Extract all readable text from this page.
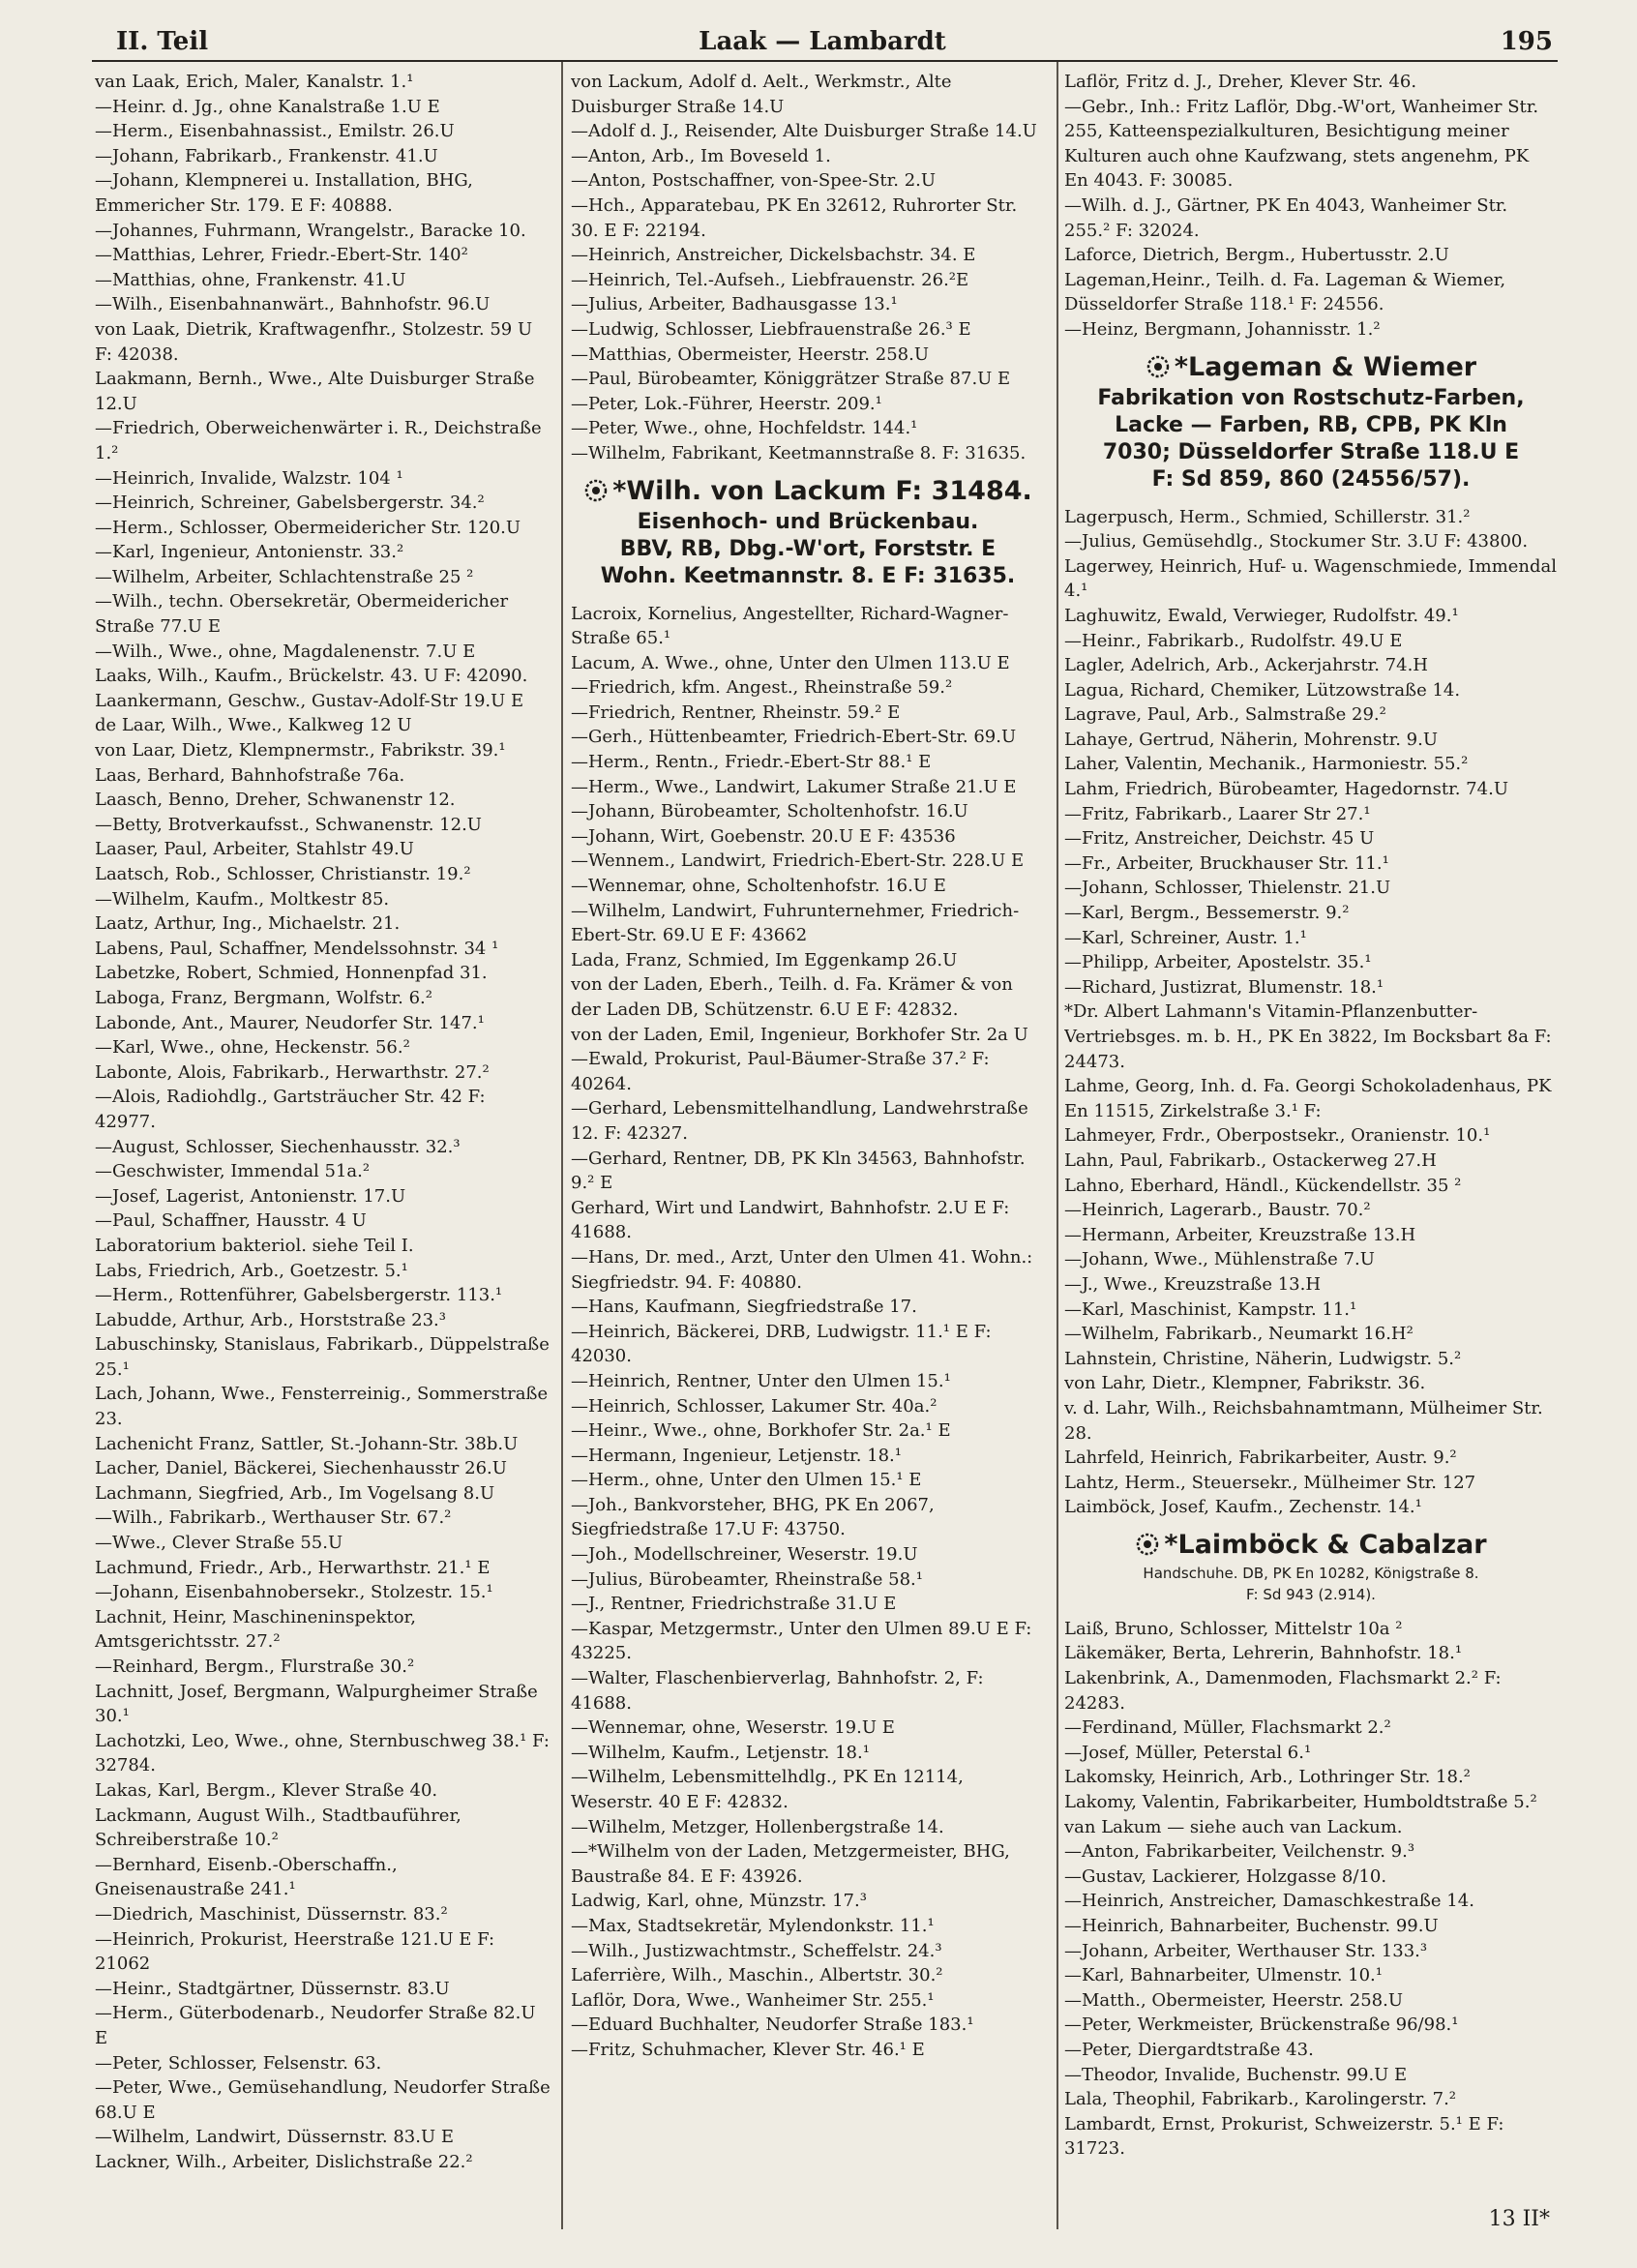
II. Teil	Laak — Lambardt	195

van Laak, Erich, Maler, Kanalstr. 1.¹

—Heinr. d. Jg., ohne Kanalstraße 1.U E

—Herm., Eisenbahnassist., Emilstr. 26.U

—Johann, Fabrikarb., Frankenstr. 41.U

—Johann, Klempnerei u. Installation, BHG, Emmericher Str. 179. E F: 40888.

—Johannes, Fuhrmann, Wrangelstr., Baracke 10.

—Matthias, Lehrer, Friedr.-Ebert-Str. 140²

—Matthias, ohne, Frankenstr. 41.U

—Wilh., Eisenbahnanwärt., Bahnhofstr. 96.U

von Laak, Dietrik, Kraftwagenfhr., Stolzestr. 59 U F: 42038.

Laakmann, Bernh., Wwe., Alte Duisburger Straße 12.U

—Friedrich, Oberweichenwärter i. R., Deichstraße 1.²

—Heinrich, Invalide, Walzstr. 104 ¹

—Heinrich, Schreiner, Gabelsbergerstr. 34.²

—Herm., Schlosser, Obermeidericher Str. 120.U

—Karl, Ingenieur, Antonienstr. 33.²

—Wilhelm, Arbeiter, Schlachtenstraße 25 ²

—Wilh., techn. Obersekretär, Obermeidericher Straße 77.U E

—Wilh., Wwe., ohne, Magdalenenstr. 7.U E

Laaks, Wilh., Kaufm., Brückelstr. 43. U F: 42090.

Laankermann, Geschw., Gustav-Adolf-Str 19.U E

de Laar, Wilh., Wwe., Kalkweg 12 U

von Laar, Dietz, Klempnermstr., Fabrikstr. 39.¹

Laas, Berhard, Bahnhofstraße 76a.

Laasch, Benno, Dreher, Schwanenstr 12.

—Betty, Brotverkaufsst., Schwanenstr. 12.U

Laaser, Paul, Arbeiter, Stahlstr 49.U

Laatsch, Rob., Schlosser, Christianstr. 19.²

—Wilhelm, Kaufm., Moltkestr 85.

Laatz, Arthur, Ing., Michaelstr. 21.

Labens, Paul, Schaffner, Mendelssohnstr. 34 ¹

Labetzke, Robert, Schmied, Honnenpfad 31.

Laboga, Franz, Bergmann, Wolfstr. 6.²

Labonde, Ant., Maurer, Neudorfer Str. 147.¹

—Karl, Wwe., ohne, Heckenstr. 56.²

Labonte, Alois, Fabrikarb., Herwarthstr. 27.²

—Alois, Radiohdlg., Gartsträucher Str. 42 F: 42977.

—August, Schlosser, Siechenhausstr. 32.³

—Geschwister, Immendal 51a.²

—Josef, Lagerist, Antonienstr. 17.U

—Paul, Schaffner, Hausstr. 4 U

Laboratorium bakteriol. siehe Teil I.

Labs, Friedrich, Arb., Goetzestr. 5.¹

—Herm., Rottenführer, Gabelsbergerstr. 113.¹

Labudde, Arthur, Arb., Horststraße 23.³

Labuschinsky, Stanislaus, Fabrikarb., Düppelstraße 25.¹

Lach, Johann, Wwe., Fensterreinig., Sommerstraße 23.

Lachenicht Franz, Sattler, St.-Johann-Str. 38b.U

Lacher, Daniel, Bäckerei, Siechenhausstr 26.U

Lachmann, Siegfried, Arb., Im Vogelsang 8.U

—Wilh., Fabrikarb., Werthauser Str. 67.²

—Wwe., Clever Straße 55.U

Lachmund, Friedr., Arb., Herwarthstr. 21.¹ E

—Johann, Eisenbahnobersekr., Stolzestr. 15.¹

Lachnit, Heinr, Maschineninspektor, Amtsgerichtsstr. 27.²

—Reinhard, Bergm., Flurstraße 30.²

Lachnitt, Josef, Bergmann, Walpurgheimer Straße 30.¹

Lachotzki, Leo, Wwe., ohne, Sternbuschweg 38.¹ F: 32784.

Lakas, Karl, Bergm., Klever Straße 40.

Lackmann, August Wilh., Stadtbauführer, Schreiberstraße 10.²

—Bernhard, Eisenb.-Oberschaffn., Gneisenaustraße 241.¹

—Diedrich, Maschinist, Düssernstr. 83.²

—Heinrich, Prokurist, Heerstraße 121.U E F: 21062

—Heinr., Stadtgärtner, Düssernstr. 83.U

—Herm., Güterbodenarb., Neudorfer Straße 82.U E

—Peter, Schlosser, Felsenstr. 63.

—Peter, Wwe., Gemüsehandlung, Neudorfer Straße 68.U E

—Wilhelm, Landwirt, Düssernstr. 83.U E

Lackner, Wilh., Arbeiter, Dislichstraße 22.²

von Lackum, Adolf d. Aelt., Werkmstr., Alte Duisburger Straße 14.U

—Adolf d. J., Reisender, Alte Duisburger Straße 14.U

—Anton, Arb., Im Boveseld 1.

—Anton, Postschaffner, von-Spee-Str. 2.U

—Hch., Apparatebau, PK En 32612, Ruhrorter Str. 30. E F: 22194.

—Heinrich, Anstreicher, Dickelsbachstr. 34. E

—Heinrich, Tel.-Aufseh., Liebfrauenstr. 26.²E

—Julius, Arbeiter, Badhausgasse 13.¹

—Ludwig, Schlosser, Liebfrauenstraße 26.³ E

—Matthias, Obermeister, Heerstr. 258.U

—Paul, Bürobeamter, Königgrätzer Straße 87.U E

—Peter, Lok.-Führer, Heerstr. 209.¹

—Peter, Wwe., ohne, Hochfeldstr. 144.¹

—Wilhelm, Fabrikant, Keetmannstraße 8. F: 31635.

*Wilh. von Lackum F: 31484.
Eisenhoch- und Brückenbau.
BBV, RB, Dbg.-W'ort, Forststr. E
Wohn. Keetmannstr. 8. E F: 31635.

Lacroix, Kornelius, Angestellter, Richard-Wagner-Straße 65.¹

Lacum, A. Wwe., ohne, Unter den Ulmen 113.U E

—Friedrich, kfm. Angest., Rheinstraße 59.²

—Friedrich, Rentner, Rheinstr. 59.² E

—Gerh., Hüttenbeamter, Friedrich-Ebert-Str. 69.U

—Herm., Rentn., Friedr.-Ebert-Str 88.¹ E

—Herm., Wwe., Landwirt, Lakumer Straße 21.U E

—Johann, Bürobeamter, Scholtenhofstr. 16.U

—Johann, Wirt, Goebenstr. 20.U E F: 43536

—Wennem., Landwirt, Friedrich-Ebert-Str. 228.U E

—Wennemar, ohne, Scholtenhofstr. 16.U E

—Wilhelm, Landwirt, Fuhrunternehmer, Friedrich-Ebert-Str. 69.U E F: 43662

Lada, Franz, Schmied, Im Eggenkamp 26.U

von der Laden, Eberh., Teilh. d. Fa. Krämer & von der Laden DB, Schützenstr. 6.U E F: 42832.

von der Laden, Emil, Ingenieur, Borkhofer Str. 2a U

—Ewald, Prokurist, Paul-Bäumer-Straße 37.² F: 40264.

—Gerhard, Lebensmittelhandlung, Landwehrstraße 12. F: 42327.

—Gerhard, Rentner, DB, PK Kln 34563, Bahnhofstr. 9.² E

Gerhard, Wirt und Landwirt, Bahnhofstr. 2.U E F: 41688.

—Hans, Dr. med., Arzt, Unter den Ulmen 41. Wohn.: Siegfriedstr. 94. F: 40880.

—Hans, Kaufmann, Siegfriedstraße 17.

—Heinrich, Bäckerei, DRB, Ludwigstr. 11.¹ E F: 42030.

—Heinrich, Rentner, Unter den Ulmen 15.¹

—Heinrich, Schlosser, Lakumer Str. 40a.²

—Heinr., Wwe., ohne, Borkhofer Str. 2a.¹ E

—Hermann, Ingenieur, Letjenstr. 18.¹

—Herm., ohne, Unter den Ulmen 15.¹ E

—Joh., Bankvorsteher, BHG, PK En 2067, Siegfriedstraße 17.U F: 43750.

—Joh., Modellschreiner, Weserstr. 19.U

—Julius, Bürobeamter, Rheinstraße 58.¹

—J., Rentner, Friedrichstraße 31.U E

—Kaspar, Metzgermstr., Unter den Ulmen 89.U E F: 43225.

—Walter, Flaschenbierverlag, Bahnhofstr. 2, F: 41688.

—Wennemar, ohne, Weserstr. 19.U E

—Wilhelm, Kaufm., Letjenstr. 18.¹

—Wilhelm, Lebensmittelhdlg., PK En 12114, Weserstr. 40 E F: 42832.

—Wilhelm, Metzger, Hollenbergstraße 14.

—*Wilhelm von der Laden, Metzgermeister, BHG, Baustraße 84. E F: 43926.

Ladwig, Karl, ohne, Münzstr. 17.³

—Max, Stadtsekretär, Mylendonkstr. 11.¹

—Wilh., Justizwachtmstr., Scheffelstr. 24.³

Laferrière, Wilh., Maschin., Albertstr. 30.²

Laflör, Dora, Wwe., Wanheimer Str. 255.¹

—Eduard Buchhalter, Neudorfer Straße 183.¹

—Fritz, Schuhmacher, Klever Str. 46.¹ E

Laflör, Fritz d. J., Dreher, Klever Str. 46.

—Gebr., Inh.: Fritz Laflör, Dbg.-W'ort, Wanheimer Str. 255, Katteenspezialkulturen, Besichtigung meiner Kulturen auch ohne Kaufzwang, stets angenehm, PK En 4043. F: 30085.

—Wilh. d. J., Gärtner, PK En 4043, Wanheimer Str. 255.² F: 32024.

Laforce, Dietrich, Bergm., Hubertusstr. 2.U

Lageman,Heinr., Teilh. d. Fa. Lageman & Wiemer, Düsseldorfer Straße 118.¹ F: 24556.

—Heinz, Bergmann, Johannisstr. 1.²

*Lageman & Wiemer
Fabrikation von Rostschutz-Farben,
Lacke — Farben, RB, CPB, PK Kln
7030; Düsseldorfer Straße 118.U E
F: Sd 859, 860 (24556/57).

Lagerpusch, Herm., Schmied, Schillerstr. 31.²

—Julius, Gemüsehdlg., Stockumer Str. 3.U F: 43800.

Lagerwey, Heinrich, Huf- u. Wagenschmiede, Immendal 4.¹

Laghuwitz, Ewald, Verwieger, Rudolfstr. 49.¹

—Heinr., Fabrikarb., Rudolfstr. 49.U E

Lagler, Adelrich, Arb., Ackerjahrstr. 74.H

Lagua, Richard, Chemiker, Lützowstraße 14.

Lagrave, Paul, Arb., Salmstraße 29.²

Lahaye, Gertrud, Näherin, Mohrenstr. 9.U

Laher, Valentin, Mechanik., Harmoniestr. 55.²

Lahm, Friedrich, Bürobeamter, Hagedornstr. 74.U

—Fritz, Fabrikarb., Laarer Str 27.¹

—Fritz, Anstreicher, Deichstr. 45 U

—Fr., Arbeiter, Bruckhauser Str. 11.¹

—Johann, Schlosser, Thielenstr. 21.U

—Karl, Bergm., Bessemerstr. 9.²

—Karl, Schreiner, Austr. 1.¹

—Philipp, Arbeiter, Apostelstr. 35.¹

—Richard, Justizrat, Blumenstr. 18.¹

*Dr. Albert Lahmann's Vitamin-Pflanzenbutter-Vertriebsges. m. b. H., PK En 3822, Im Bocksbart 8a F: 24473.

Lahme, Georg, Inh. d. Fa. Georgi Schokoladenhaus, PK En 11515, Zirkelstraße 3.¹ F:

Lahmeyer, Frdr., Oberpostsekr., Oranienstr. 10.¹

Lahn, Paul, Fabrikarb., Ostackerweg 27.H

Lahno, Eberhard, Händl., Kückendellstr. 35 ²

—Heinrich, Lagerarb., Baustr. 70.²

—Hermann, Arbeiter, Kreuzstraße 13.H

—Johann, Wwe., Mühlenstraße 7.U

—J., Wwe., Kreuzstraße 13.H

—Karl, Maschinist, Kampstr. 11.¹

—Wilhelm, Fabrikarb., Neumarkt 16.H²

Lahnstein, Christine, Näherin, Ludwigstr. 5.²

von Lahr, Dietr., Klempner, Fabrikstr. 36.

v. d. Lahr, Wilh., Reichsbahnamtmann, Mülheimer Str. 28.

Lahrfeld, Heinrich, Fabrikarbeiter, Austr. 9.²

Lahtz, Herm., Steuersekr., Mülheimer Str. 127

Laimböck, Josef, Kaufm., Zechenstr. 14.¹

*Laimböck & Cabalzar
Handschuhe. DB, PK En 10282, Königstraße 8.
F: Sd 943 (2.914).

Laiß, Bruno, Schlosser, Mittelstr 10a ²

Läkemäker, Berta, Lehrerin, Bahnhofstr. 18.¹

Lakenbrink, A., Damenmoden, Flachsmarkt 2.² F: 24283.

—Ferdinand, Müller, Flachsmarkt 2.²

—Josef, Müller, Peterstal 6.¹

Lakomsky, Heinrich, Arb., Lothringer Str. 18.²

Lakomy, Valentin, Fabrikarbeiter, Humboldtstraße 5.²

van Lakum — siehe auch van Lackum.

—Anton, Fabrikarbeiter, Veilchenstr. 9.³

—Gustav, Lackierer, Holzgasse 8/10.

—Heinrich, Anstreicher, Damaschkestraße 14.

—Heinrich, Bahnarbeiter, Buchenstr. 99.U

—Johann, Arbeiter, Werthauser Str. 133.³

—Karl, Bahnarbeiter, Ulmenstr. 10.¹

—Matth., Obermeister, Heerstr. 258.U

—Peter, Werkmeister, Brückenstraße 96/98.¹

—Peter, Diergardtstraße 43.

—Theodor, Invalide, Buchenstr. 99.U E

Lala, Theophil, Fabrikarb., Karolingerstr. 7.²

Lambardt, Ernst, Prokurist, Schweizerstr. 5.¹ E F: 31723.

13 II*
